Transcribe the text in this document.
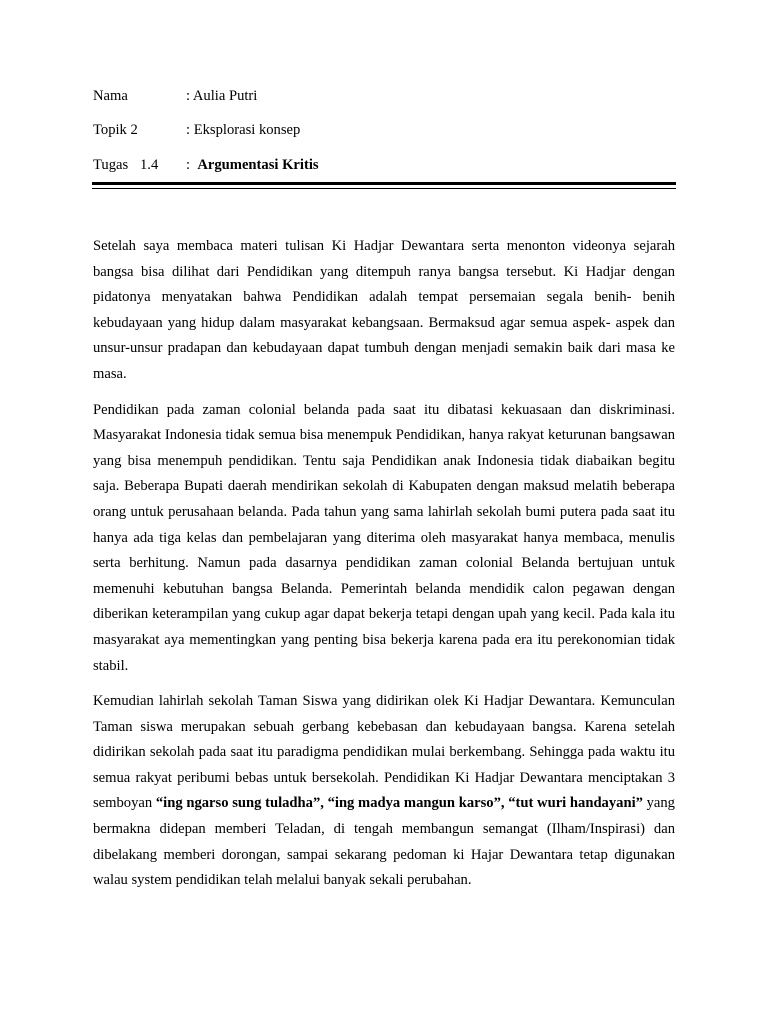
Nama	: Aulia Putri
Topik 2	: Eksplorasi konsep
Tugas 1.4 : Argumentasi Kritis

Setelah saya membaca materi tulisan Ki Hadjar Dewantara serta menonton videonya sejarah bangsa bisa dilihat dari Pendidikan yang ditempuh ranya bangsa tersebut. Ki Hadjar dengan pidatonya menyatakan bahwa Pendidikan adalah tempat persemaian segala benih- benih kebudayaan yang hidup dalam masyarakat kebangsaan. Bermaksud agar semua aspek- aspek dan unsur-unsur pradapan dan kebudayaan dapat tumbuh dengan menjadi semakin baik dari masa ke masa.

Pendidikan pada zaman colonial belanda pada saat itu dibatasi kekuasaan dan diskriminasi. Masyarakat Indonesia tidak semua bisa menempuk Pendidikan, hanya rakyat keturunan bangsawan yang bisa menempuh pendidikan. Tentu saja Pendidikan anak Indonesia tidak diabaikan begitu saja. Beberapa Bupati daerah mendirikan sekolah di Kabupaten dengan maksud melatih beberapa orang untuk perusahaan belanda. Pada tahun yang sama lahirlah sekolah bumi putera pada saat itu hanya ada tiga kelas dan pembelajaran yang diterima oleh masyarakat hanya membaca, menulis serta berhitung. Namun pada dasarnya pendidikan zaman colonial Belanda bertujuan untuk memenuhi kebutuhan bangsa Belanda. Pemerintah belanda mendidik calon pegawan dengan diberikan keterampilan yang cukup agar dapat bekerja tetapi dengan upah yang kecil. Pada kala itu masyarakat aya mementingkan yang penting bisa bekerja karena pada era itu perekonomian tidak stabil.

Kemudian lahirlah sekolah Taman Siswa yang didirikan olek Ki Hadjar Dewantara. Kemunculan Taman siswa merupakan sebuah gerbang kebebasan dan kebudayaan bangsa. Karena setelah didirikan sekolah pada saat itu paradigma pendidikan mulai berkembang. Sehingga pada waktu itu semua rakyat peribumi bebas untuk bersekolah. Pendidikan Ki Hadjar Dewantara menciptakan 3 semboyan “ing ngarso sung tuladha”, “ing madya mangun karso”, “tut wuri handayani” yang bermakna didepan memberi Teladan, di tengah membangun semangat (Ilham/Inspirasi) dan dibelakang memberi dorongan, sampai sekarang pedoman ki Hajar Dewantara tetap digunakan walau system pendidikan telah melalui banyak sekali perubahan.
